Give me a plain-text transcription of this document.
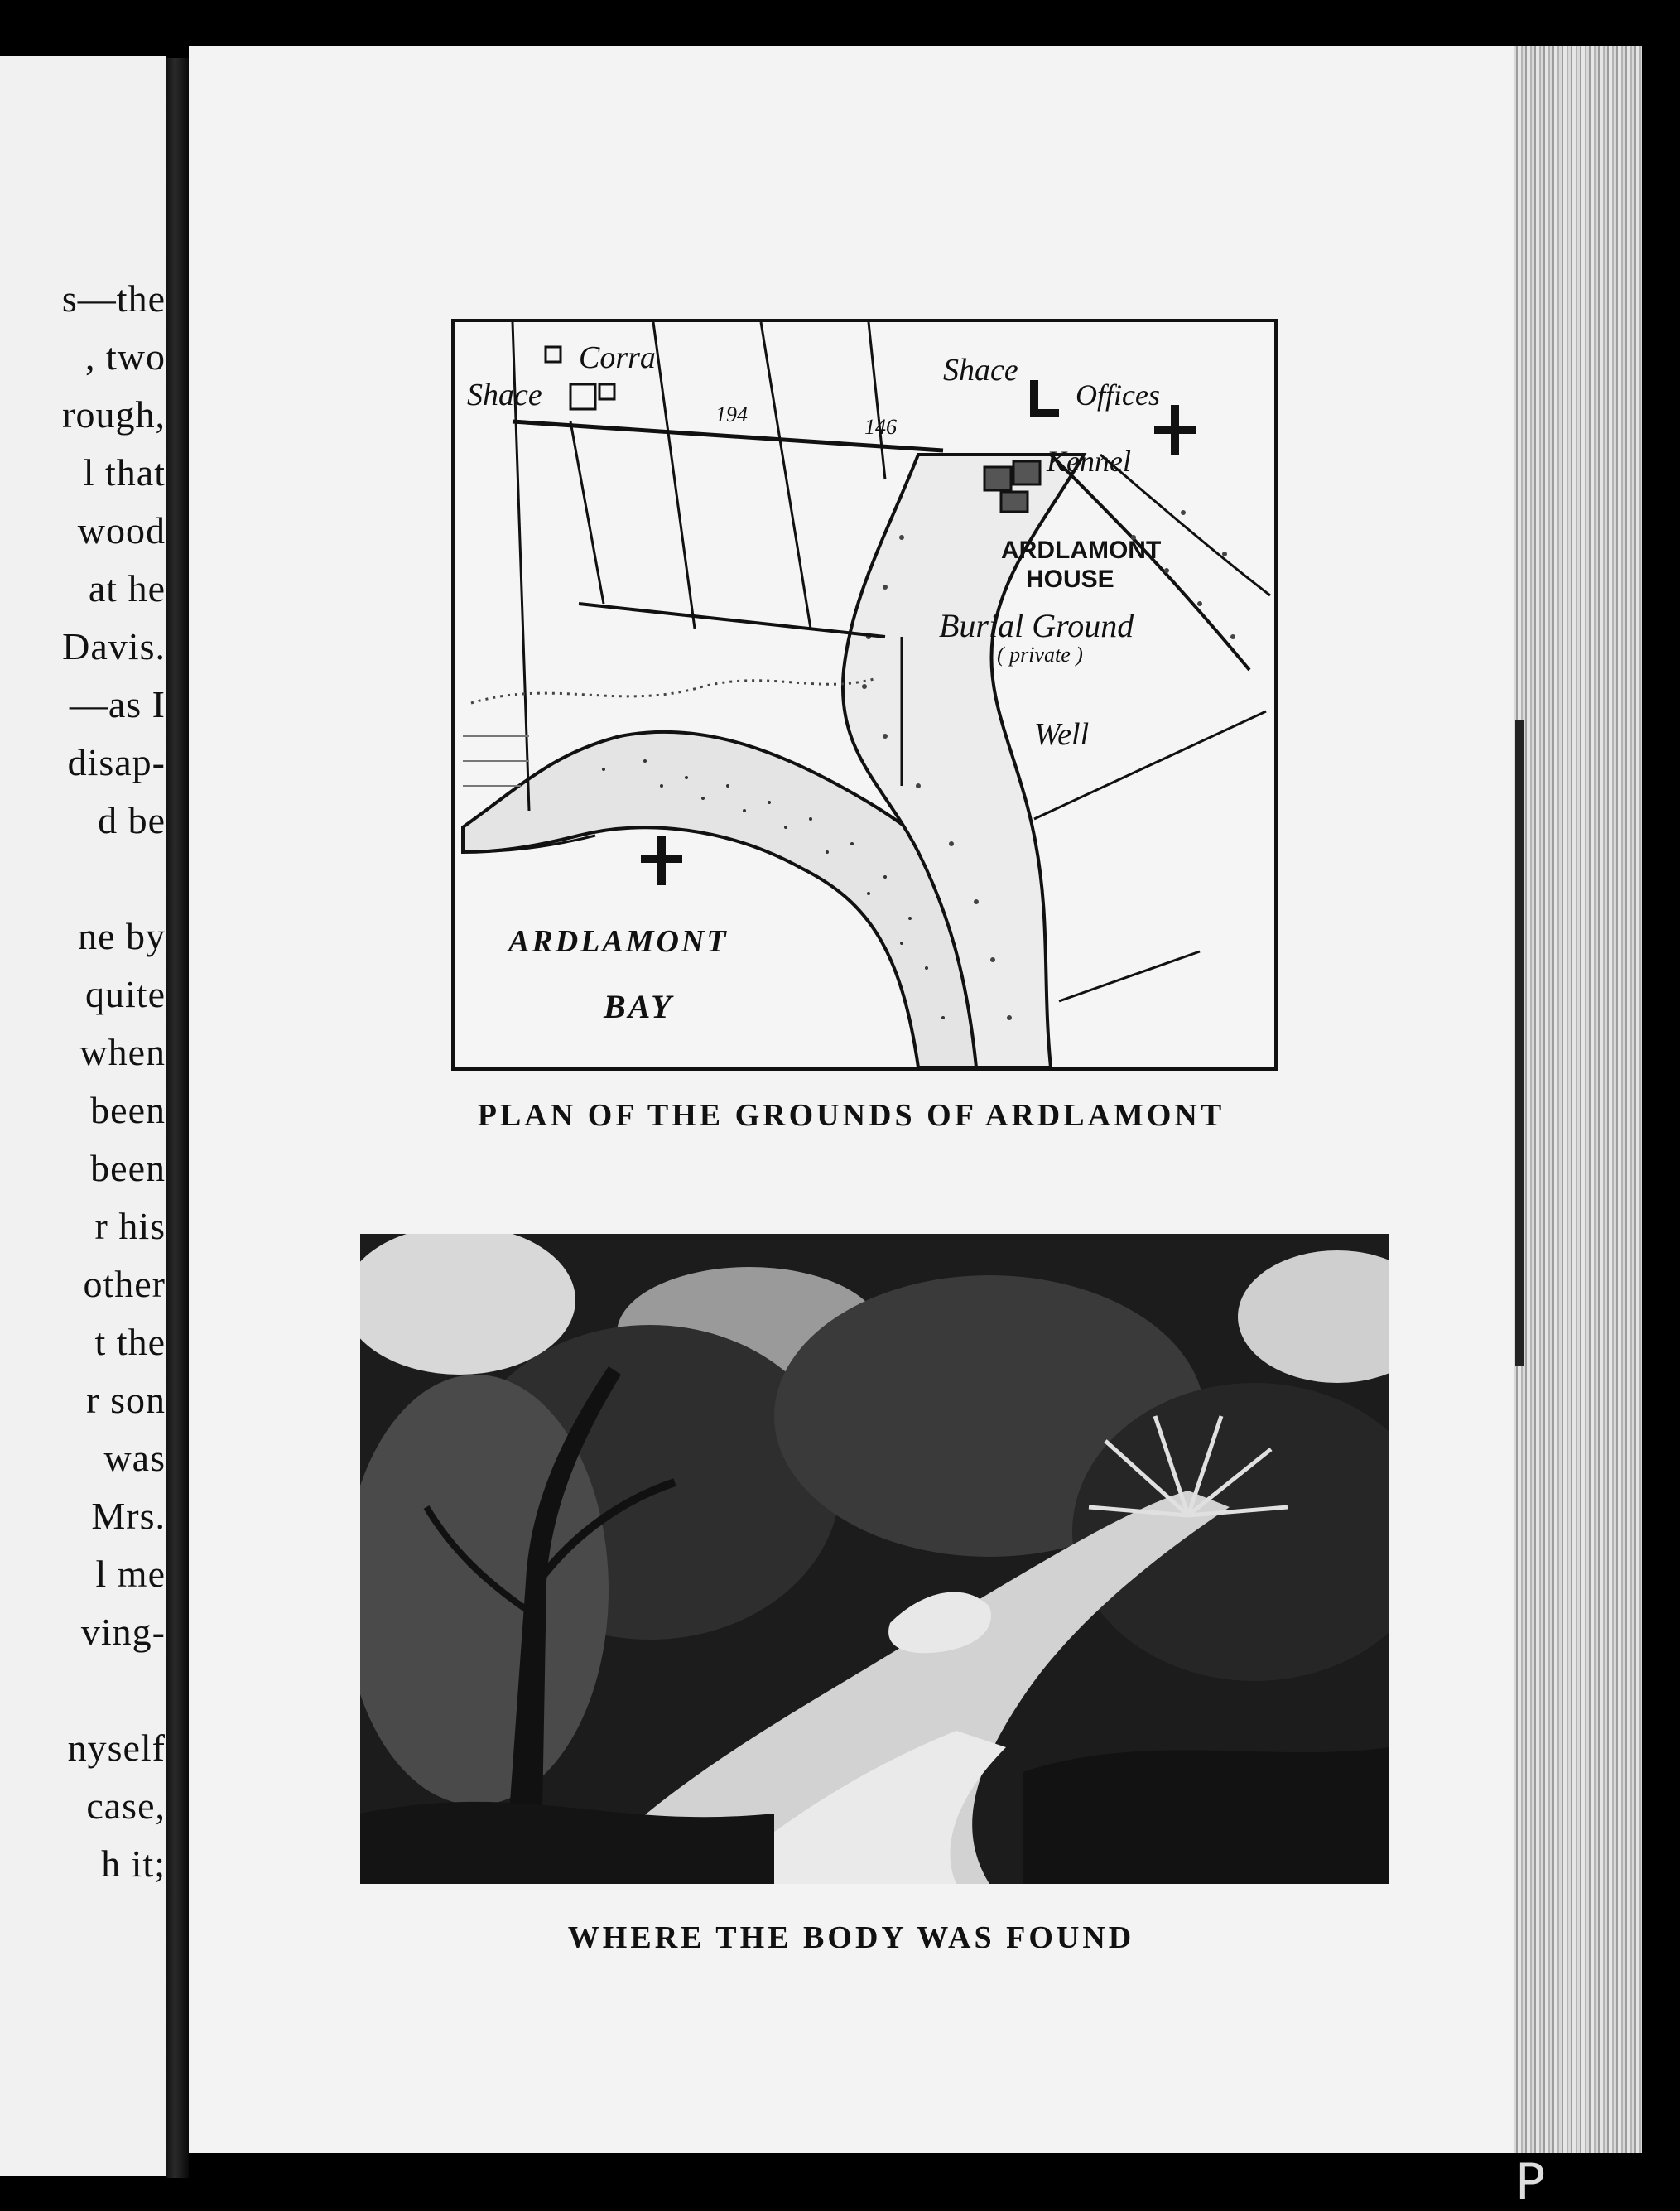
s—the
, two
rough,
l that
wood
at he
Davis.
—as I
disap-
d be
ne by
quite
when
been
been
r his
other
t the
r son
was
Mrs.
l me
ving-
nyself
case,
h it;
P
Corra
Shace
Shace
Offices
Kennel
ARDLAMONT
HOUSE
Burial Ground
( private )
Well
ARDLAMONT
BAY
194
146
PLAN OF THE GROUNDS OF ARDLAMONT
WHERE THE BODY WAS FOUND
